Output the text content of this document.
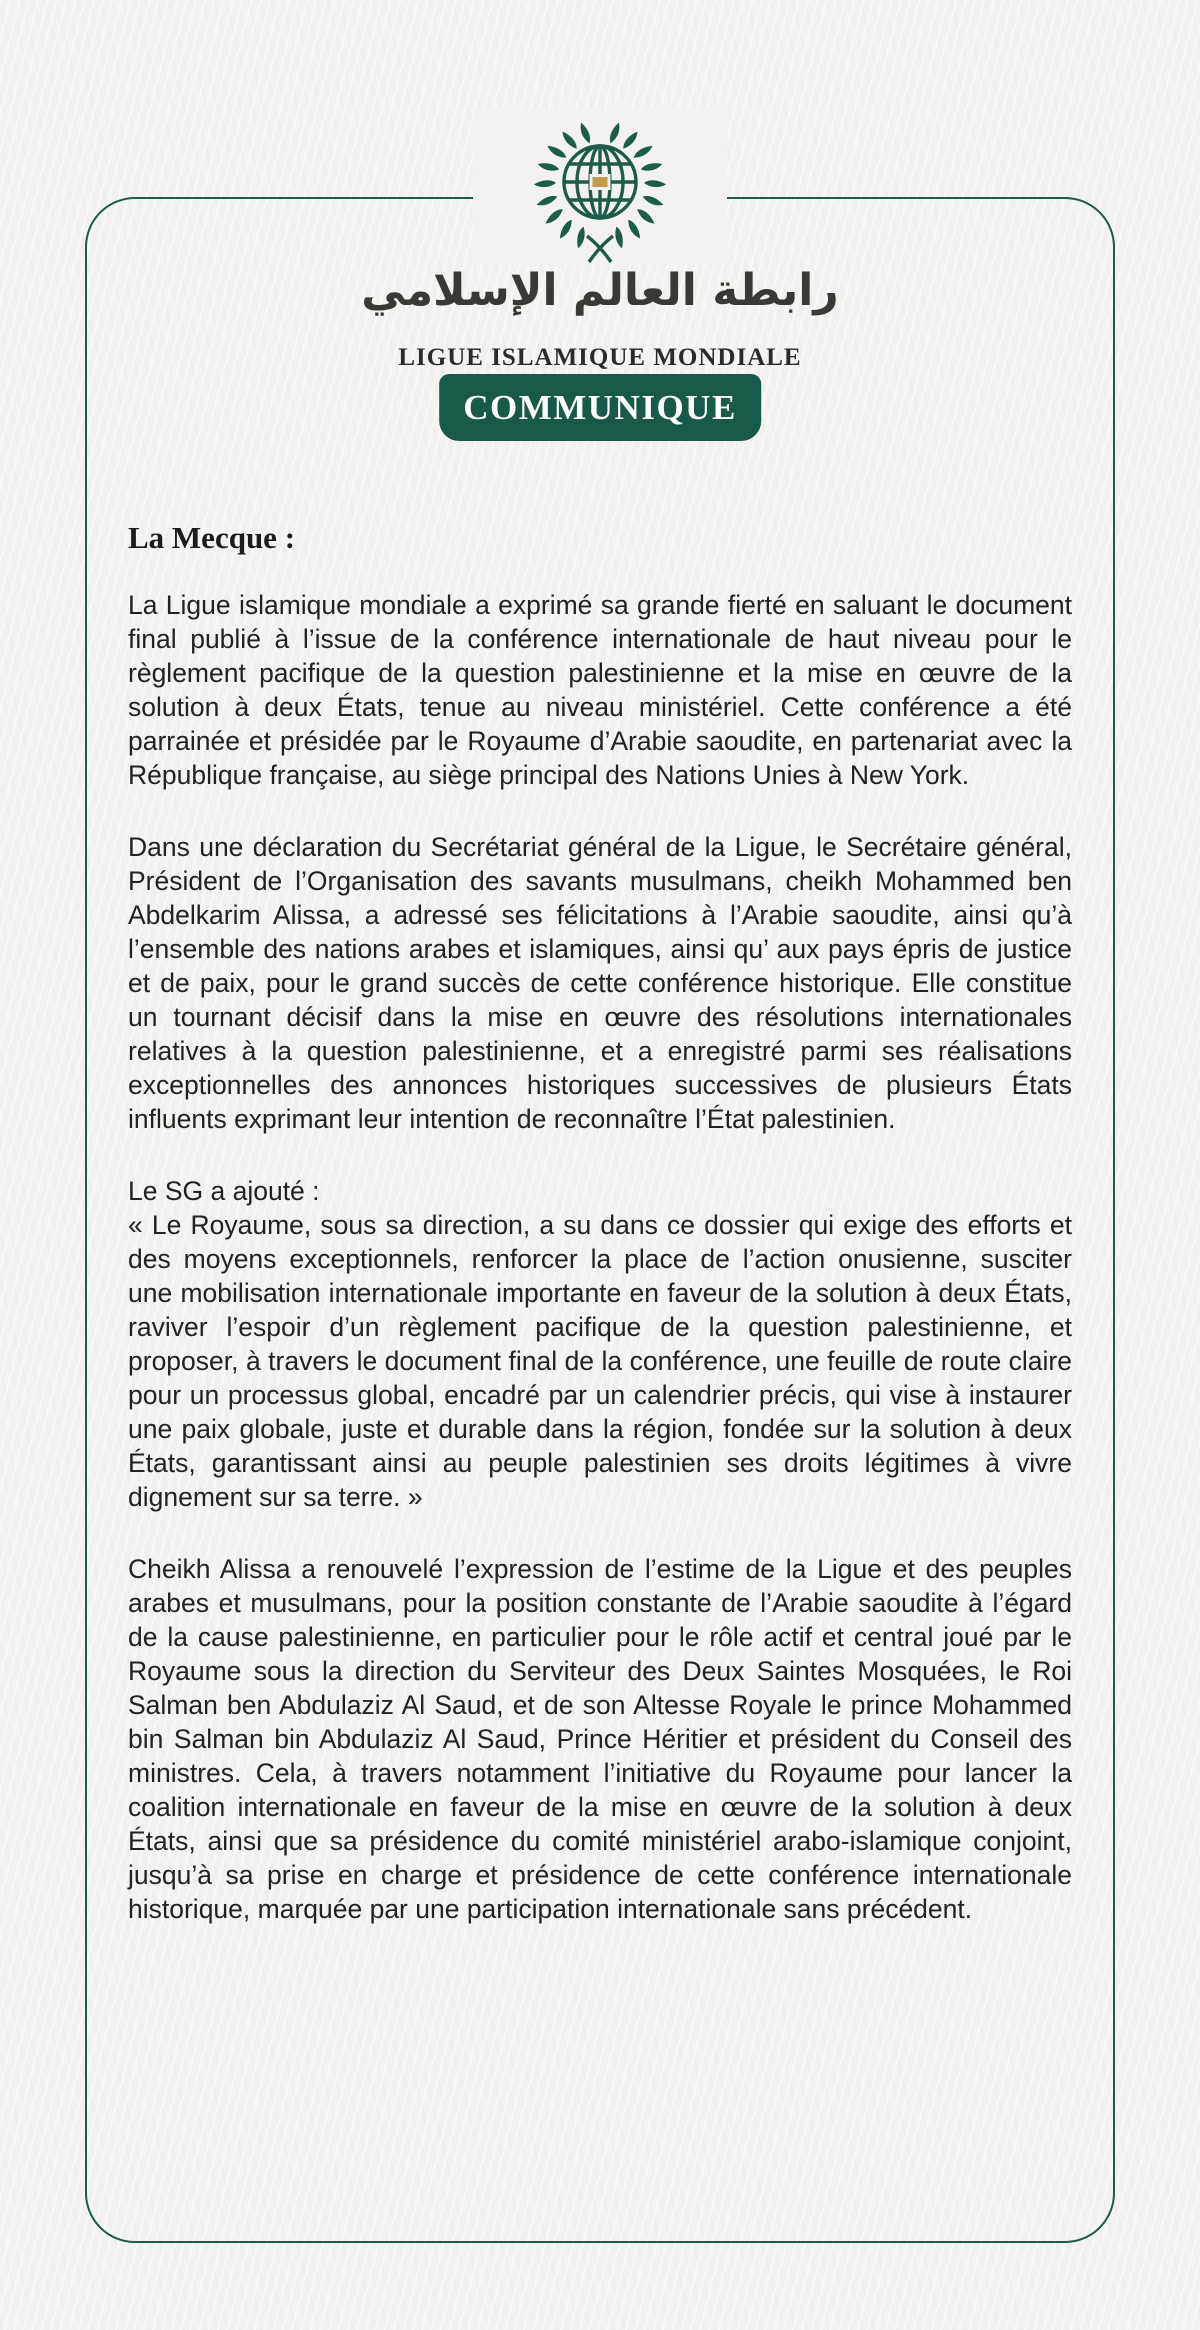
رابطة العالم الإسلامي
LIGUE ISLAMIQUE MONDIALE
COMMUNIQUE
La Mecque :

La Ligue islamique mondiale a exprimé sa grande fierté en saluant le document final publié à l’issue de la conférence internationale de haut niveau pour le règlement pacifique de la question palestinienne et la mise en œuvre de la solution à deux États, tenue au niveau ministériel. Cette conférence a été parrainée et présidée par le Royaume d’Arabie saoudite, en partenariat avec la République française, au siège principal des Nations Unies à New York.

Dans une déclaration du Secrétariat général de la Ligue, le Secrétaire général, Président de l’Organisation des savants musulmans, cheikh Mohammed ben Abdelkarim Alissa, a adressé ses félicitations à l’Arabie saoudite, ainsi qu’à l’ensemble des nations arabes et islamiques, ainsi qu’ aux pays épris de justice et de paix, pour le grand succès de cette conférence historique. Elle constitue un tournant décisif dans la mise en œuvre des résolutions internationales relatives à la question palestinienne, et a enregistré parmi ses réalisations exceptionnelles des annonces historiques successives de plusieurs États influents exprimant leur intention de reconnaître l’État palestinien.

Le SG a ajouté :

« Le Royaume, sous sa direction, a su dans ce dossier qui exige des efforts et des moyens exceptionnels, renforcer la place de l’action onusienne, susciter une mobilisation internationale importante en faveur de la solution à deux États, raviver l’espoir d’un règlement pacifique de la question palestinienne, et proposer, à travers le document final de la conférence, une feuille de route claire pour un processus global, encadré par un calendrier précis, qui vise à instaurer une paix globale, juste et durable dans la région, fondée sur la solution à deux États, garantissant ainsi au peuple palestinien ses droits légitimes à vivre dignement sur sa terre. »

Cheikh Alissa a renouvelé l’expression de l’estime de la Ligue et des peuples arabes et musulmans, pour la position constante de l’Arabie saoudite à l’égard de la cause palestinienne, en particulier pour le rôle actif et central joué par le Royaume sous la direction du Serviteur des Deux Saintes Mosquées, le Roi Salman ben Abdulaziz Al Saud, et de son Altesse Royale le prince Mohammed bin Salman bin Abdulaziz Al Saud, Prince Héritier et président du Conseil des ministres. Cela, à travers notamment l’initiative du Royaume pour lancer la coalition internationale en faveur de la mise en œuvre de la solution à deux États, ainsi que sa présidence du comité ministériel arabo-islamique conjoint, jusqu’à sa prise en charge et présidence de cette conférence internationale historique, marquée par une participation internationale sans précédent.
